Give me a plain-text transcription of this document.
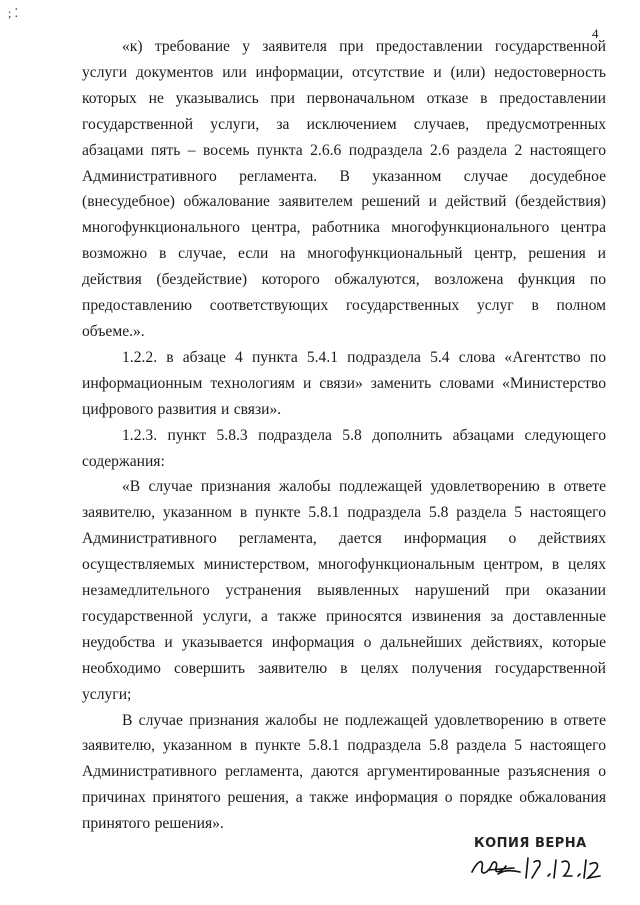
; ⁚
4

«к) требование у заявителя при предоставлении государственной услуги документов или информации, отсутствие и (или) недостоверность которых не указывались при первоначальном отказе в предоставлении государственной услуги, за исключением случаев, предусмотренных абзацами пять – восемь пункта 2.6.6 подраздела 2.6 раздела 2 настоящего Административного регламента. В указанном случае досудебное (внесудебное) обжалование заявителем решений и действий (бездействия) многофункционального центра, работника многофункционального центра возможно в случае, если на многофункциональный центр, решения и действия (бездействие) которого обжалуются, возложена функция по предоставлению соответствующих государственных услуг в полном объеме.».

1.2.2. в абзаце 4 пункта 5.4.1 подраздела 5.4 слова «Агентство по информационным технологиям и связи» заменить словами «Министерство цифрового развития и связи».

1.2.3. пункт 5.8.3 подраздела 5.8 дополнить абзацами следующего содержания:

«В случае признания жалобы подлежащей удовлетворению в ответе заявителю, указанном в пункте 5.8.1 подраздела 5.8 раздела 5 настоящего Административного регламента, дается информация о действиях осуществляемых министерством, многофункциональным центром, в целях незамедлительного устранения выявленных нарушений при оказании государственной услуги, а также приносятся извинения за доставленные неудобства и указывается информация о дальнейших действиях, которые необходимо совершить заявителю в целях получения государственной услуги;

В случае признания жалобы не подлежащей удовлетворению в ответе заявителю, указанном в пункте 5.8.1 подраздела 5.8 раздела 5 настоящего Административного регламента, даются аргументированные разъяснения о причинах принятого решения, а также информация о порядке обжалования принятого решения».

КОПИЯ ВЕРНА
